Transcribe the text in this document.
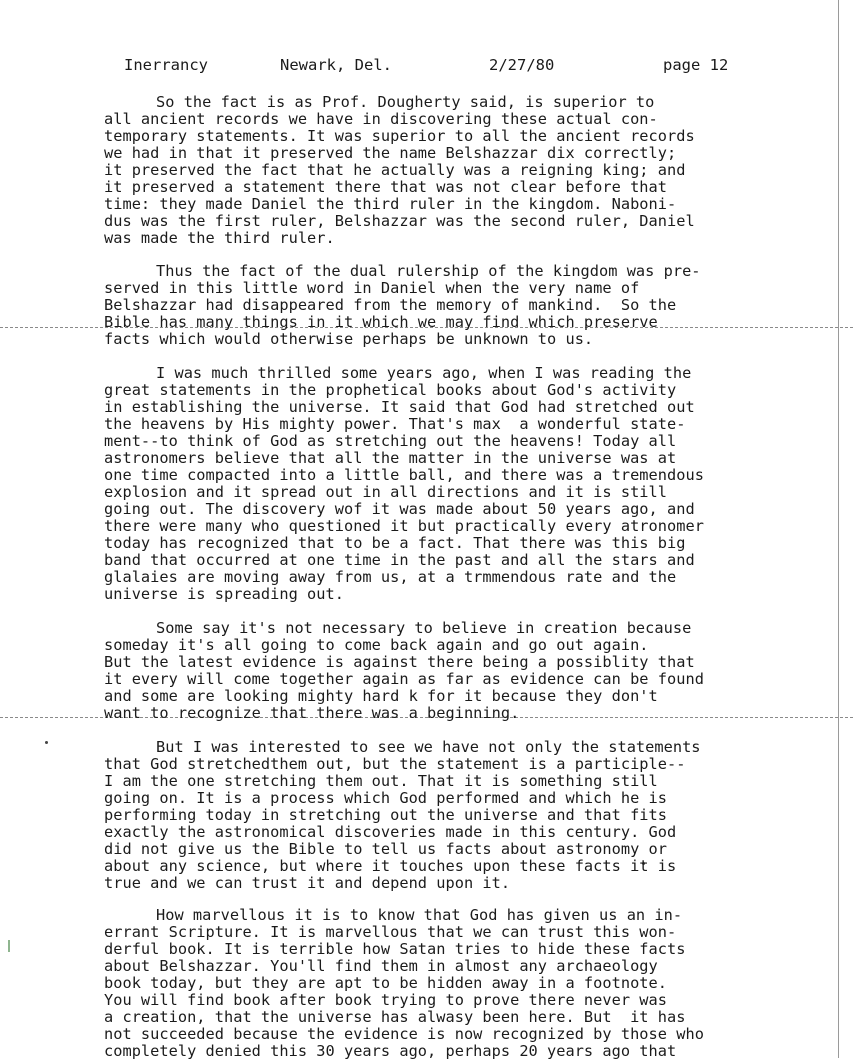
Inerrancy	Newark, Del.	2/27/80	page 12
So the fact is as Prof. Dougherty said, is superior to
all ancient records we have in discovering these actual con-
temporary statements. It was superior to all the ancient records
we had in that it preserved the name Belshazzar dix correctly;
it preserved the fact that he actually was a reigning king; and
it preserved a statement there that was not clear before that
time: they made Daniel the third ruler in the kingdom. Naboni-
dus was the first ruler, Belshazzar was the second ruler, Daniel
was made the third ruler.
Thus the fact of the dual rulership of the kingdom was pre-
served in this little word in Daniel when the very name of
Belshazzar had disappeared from the memory of mankind.  So the
Bible has many things in it which we may find which preserve
facts which would otherwise perhaps be unknown to us.
I was much thrilled some years ago, when I was reading the
great statements in the prophetical books about God's activity
in establishing the universe. It said that God had stretched out
the heavens by His mighty power. That's max  a wonderful state-
ment--to think of God as stretching out the heavens! Today all
astronomers believe that all the matter in the universe was at
one time compacted into a little ball, and there was a tremendous
explosion and it spread out in all directions and it is still
going out. The discovery wof it was made about 50 years ago, and
there were many who questioned it but practically every atronomer
today has recognized that to be a fact. That there was this big
band that occurred at one time in the past and all the stars and
glalaies are moving away from us, at a trmmendous rate and the
universe is spreading out.
Some say it's not necessary to believe in creation because
someday it's all going to come back again and go out again.
But the latest evidence is against there being a possiblity that
it every will come together again as far as evidence can be found
and some are looking mighty hard k for it because they don't
want to recognize that there was a beginning.
But I was interested to see we have not only the statements
that God stretchedthem out, but the statement is a participle--
I am the one stretching them out. That it is something still
going on. It is a process which God performed and which he is
performing today in stretching out the universe and that fits
exactly the astronomical discoveries made in this century. God
did not give us the Bible to tell us facts about astronomy or
about any science, but where it touches upon these facts it is
true and we can trust it and depend upon it.
How marvellous it is to know that God has given us an in-
errant Scripture. It is marvellous that we can trust this won-
derful book. It is terrible how Satan tries to hide these facts
about Belshazzar. You'll find them in almost any archaeology
book today, but they are apt to be hidden away in a footnote.
You will find book after book trying to prove there never was
a creation, that the universe has alwasy been here. But  it has
not succeeded because the evidence is now recognized by those who
completely denied this 30 years ago, perhaps 20 years ago that
